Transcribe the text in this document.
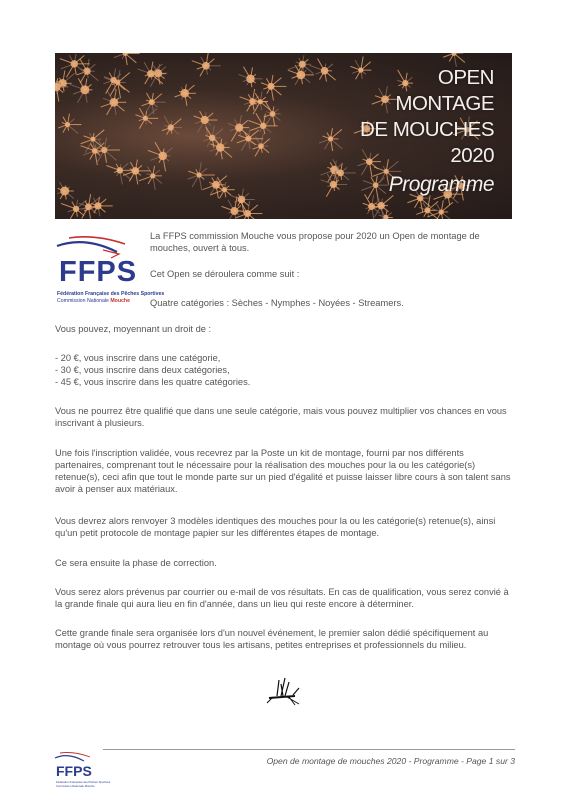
OPEN
MONTAGE
DE MOUCHES
2020
Programme
FFPS
Fédération Française des Pêches Sportives
Commission Nationale Mouche

La FFPS commission Mouche vous propose pour 2020 un Open de montage de mouches, ouvert à tous.

Cet Open se déroulera comme suit :

Quatre catégories : Sèches - Nymphes - Noyées - Streamers.

Vous pouvez, moyennant un droit de :

- 20 €, vous inscrire dans une catégorie,

- 30 €, vous inscrire dans deux catégories,

- 45 €, vous inscrire dans les quatre catégories.

Vous ne pourrez être qualifié que dans une seule catégorie, mais vous pouvez multiplier vos chances en vous inscrivant à plusieurs.

Une fois l'inscription validée, vous recevrez par la Poste un kit de montage, fourni par nos différents partenaires, comprenant tout le nécessaire pour la réalisation des mouches pour la ou les catégorie(s) retenue(s), ceci afin que tout le monde parte sur un pied d'égalité et puisse laisser libre cours à son talent sans avoir à penser aux matériaux.

Vous devrez alors renvoyer 3 modèles identiques des mouches pour la ou les catégorie(s) retenue(s), ainsi qu'un petit protocole de montage papier sur les différentes étapes de montage.

Ce sera ensuite la phase de correction.

Vous serez alors prévenus par courrier ou e-mail de vos résultats. En cas de qualification, vous serez convié à la grande finale qui aura lieu en fin d'année, dans un lieu qui reste encore à déterminer.

Cette grande finale sera organisée lors d'un nouvel événement, le premier salon dédié spécifiquement au montage où vous pourrez retrouver tous les artisans, petites entreprises et professionnels du milieu.

FFPS
Fédération Française des Pêches Sportives
Commission Nationale Mouche
Open de montage de mouches 2020 - Programme - Page 1 sur 3
